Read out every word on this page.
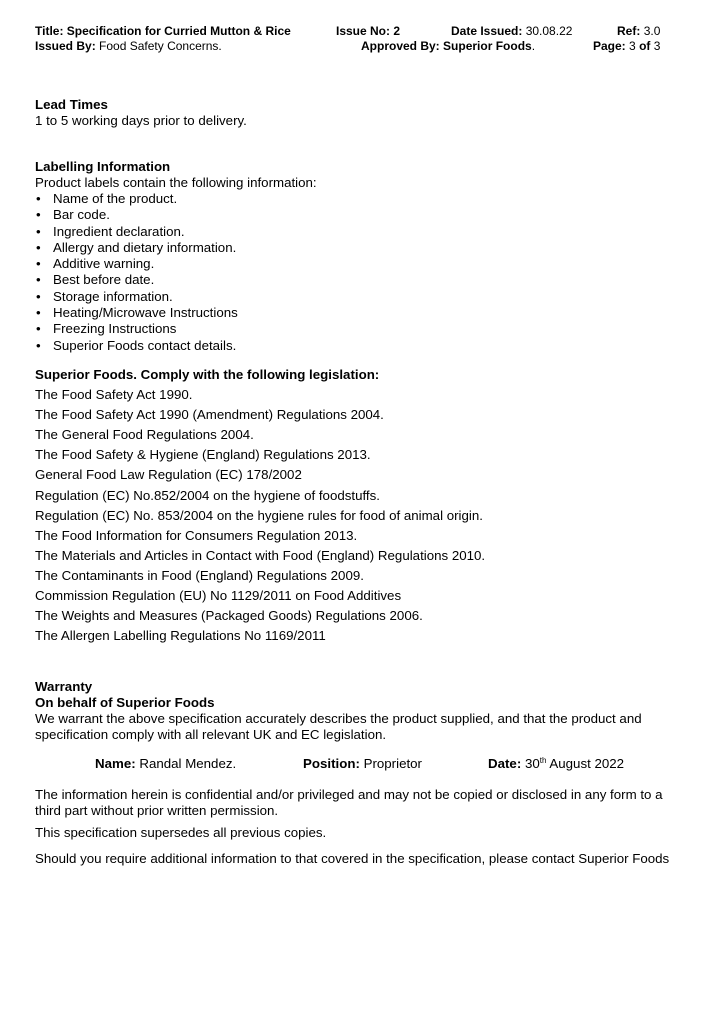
Title: Specification for Curried Mutton & Rice	Issue No: 2	Date Issued: 30.08.22	Ref: 3.0
Issued By: Food Safety Concerns.	Approved By: Superior Foods.	Page: 3 of 3
Lead Times
1 to 5 working days prior to delivery.
Labelling Information
Product labels contain the following information:
• Name of the product.
• Bar code.
• Ingredient declaration.
• Allergy and dietary information.
• Additive warning.
• Best before date.
• Storage information.
• Heating/Microwave Instructions
• Freezing Instructions
• Superior Foods contact details.
Superior Foods. Comply with the following legislation:
The Food Safety Act 1990.
The Food Safety Act 1990 (Amendment) Regulations 2004.
The General Food Regulations 2004.
The Food Safety & Hygiene (England) Regulations 2013.
General Food Law Regulation (EC) 178/2002
Regulation (EC) No.852/2004 on the hygiene of foodstuffs.
Regulation (EC) No. 853/2004 on the hygiene rules for food of animal origin.
The Food Information for Consumers Regulation 2013.
The Materials and Articles in Contact with Food (England) Regulations 2010.
The Contaminants in Food (England) Regulations 2009.
Commission Regulation (EU) No 1129/2011 on Food Additives
The Weights and Measures (Packaged Goods) Regulations 2006.
The Allergen Labelling Regulations No 1169/2011
Warranty
On behalf of Superior Foods
We warrant the above specification accurately describes the product supplied, and that the product and specification comply with all relevant UK and EC legislation.
Name: Randal Mendez.	Position: Proprietor	Date: 30th August 2022
The information herein is confidential and/or privileged and may not be copied or disclosed in any form to a third part without prior written permission.
This specification supersedes all previous copies.
Should you require additional information to that covered in the specification, please contact Superior Foods
